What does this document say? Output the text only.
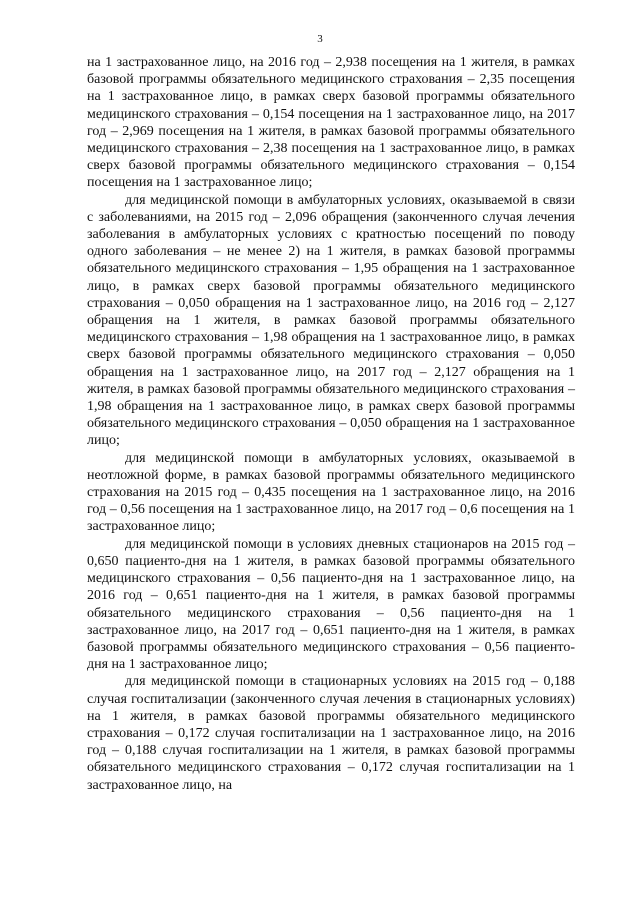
3

на 1 застрахованное лицо, на 2016 год – 2,938 посещения на 1 жителя, в рамках базовой программы обязательного медицинского страхования – 2,35 посещения на 1 застрахованное лицо, в рамках сверх базовой программы обязательного медицинского страхования – 0,154 посещения на 1 застрахованное лицо, на 2017 год – 2,969 посещения на 1 жителя, в рамках базовой программы обязательного медицинского страхования – 2,38 посещения на 1 застрахованное лицо, в рамках сверх базовой программы обязательного медицинского страхования – 0,154 посещения на 1 застрахованное лицо;

для медицинской помощи в амбулаторных условиях, оказываемой в связи с заболеваниями, на 2015 год – 2,096 обращения (законченного случая лечения заболевания в амбулаторных условиях с кратностью посещений по поводу одного заболевания – не менее 2) на 1 жителя, в рамках базовой программы обязательного медицинского страхования – 1,95 обращения на 1 застрахованное лицо, в рамках сверх базовой программы обязательного медицинского страхования – 0,050 обращения на 1 застрахованное лицо, на 2016 год – 2,127 обращения на 1 жителя, в рамках базовой программы обязательного медицинского страхования – 1,98 обращения на 1 застрахованное лицо, в рамках сверх базовой программы обязательного медицинского страхования – 0,050 обращения на 1 застрахованное лицо, на 2017 год – 2,127 обращения на 1 жителя, в рамках базовой программы обязательного медицинского страхования – 1,98 обращения на 1 застрахованное лицо, в рамках сверх базовой программы обязательного медицинского страхования – 0,050 обращения на 1 застрахованное лицо;

для медицинской помощи в амбулаторных условиях, оказываемой в неотложной форме, в рамках базовой программы обязательного медицинского страхования на 2015 год – 0,435 посещения на 1 застрахованное лицо, на 2016 год – 0,56 посещения на 1 застрахованное лицо, на 2017 год – 0,6 посещения на 1 застрахованное лицо;

для медицинской помощи в условиях дневных стационаров на 2015 год – 0,650 пациенто-дня на 1 жителя, в рамках базовой программы обязательного медицинского страхования – 0,56 пациенто-дня на 1 застрахованное лицо, на 2016 год – 0,651 пациенто-дня на 1 жителя, в рамках базовой программы обязательного медицинского страхования – 0,56 пациенто-дня на 1 застрахованное лицо, на 2017 год – 0,651 пациенто-дня на 1 жителя, в рамках базовой программы обязательного медицинского страхования – 0,56 пациенто-дня на 1 застрахованное лицо;

для медицинской помощи в стационарных условиях на 2015 год – 0,188 случая госпитализации (законченного случая лечения в стационарных условиях) на 1 жителя, в рамках базовой программы обязательного медицинского страхования – 0,172 случая госпитализации на 1 застрахованное лицо, на 2016 год – 0,188 случая госпитализации на 1 жителя, в рамках базовой программы обязательного медицинского страхования – 0,172 случая госпитализации на 1 застрахованное лицо, на
